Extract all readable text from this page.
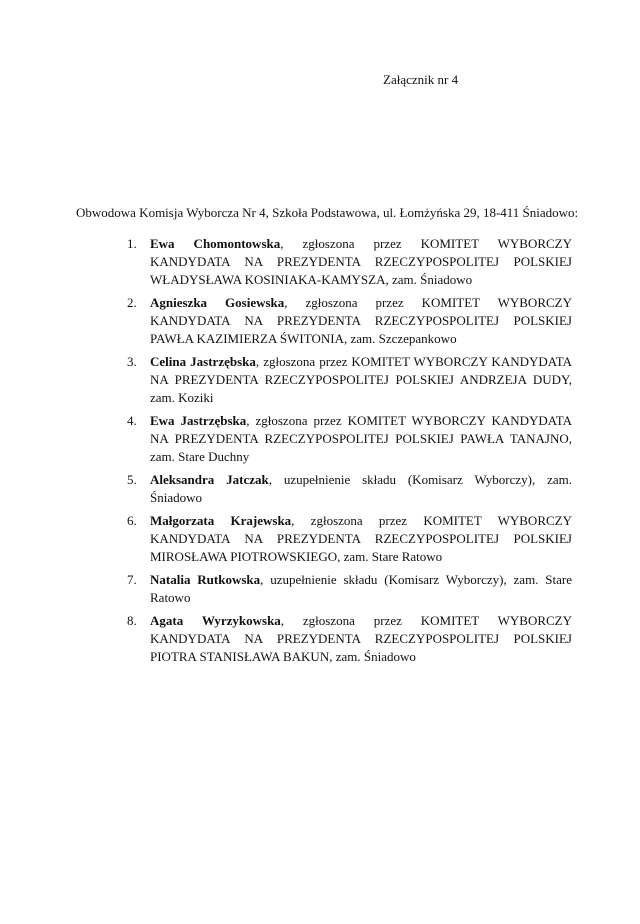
Załącznik nr 4
Obwodowa Komisja Wyborcza Nr 4, Szkoła Podstawowa, ul. Łomżyńska 29, 18-411 Śniadowo:
1. Ewa Chomontowska, zgłoszona przez KOMITET WYBORCZY KANDYDATA NA PREZYDENTA RZECZYPOSPOLITEJ POLSKIEJ WŁADYSŁAWA KOSINIAKA-KAMYSZA, zam. Śniadowo
2. Agnieszka Gosiewska, zgłoszona przez KOMITET WYBORCZY KANDYDATA NA PREZYDENTA RZECZYPOSPOLITEJ POLSKIEJ PAWŁA KAZIMIERZA ŚWITONIA, zam. Szczepankowo
3. Celina Jastrzębska, zgłoszona przez KOMITET WYBORCZY KANDYDATA NA PREZYDENTA RZECZYPOSPOLITEJ POLSKIEJ ANDRZEJA DUDY, zam. Koziki
4. Ewa Jastrzębska, zgłoszona przez KOMITET WYBORCZY KANDYDATA NA PREZYDENTA RZECZYPOSPOLITEJ POLSKIEJ PAWŁA TANAJNO, zam. Stare Duchny
5. Aleksandra Jatczak, uzupełnienie składu (Komisarz Wyborczy), zam. Śniadowo
6. Małgorzata Krajewska, zgłoszona przez KOMITET WYBORCZY KANDYDATA NA PREZYDENTA RZECZYPOSPOLITEJ POLSKIEJ MIROSŁAWA PIOTROWSKIEGO, zam. Stare Ratowo
7. Natalia Rutkowska, uzupełnienie składu (Komisarz Wyborczy), zam. Stare Ratowo
8. Agata Wyrzykowska, zgłoszona przez KOMITET WYBORCZY KANDYDATA NA PREZYDENTA RZECZYPOSPOLITEJ POLSKIEJ PIOTRA STANISŁAWA BAKUN, zam. Śniadowo
